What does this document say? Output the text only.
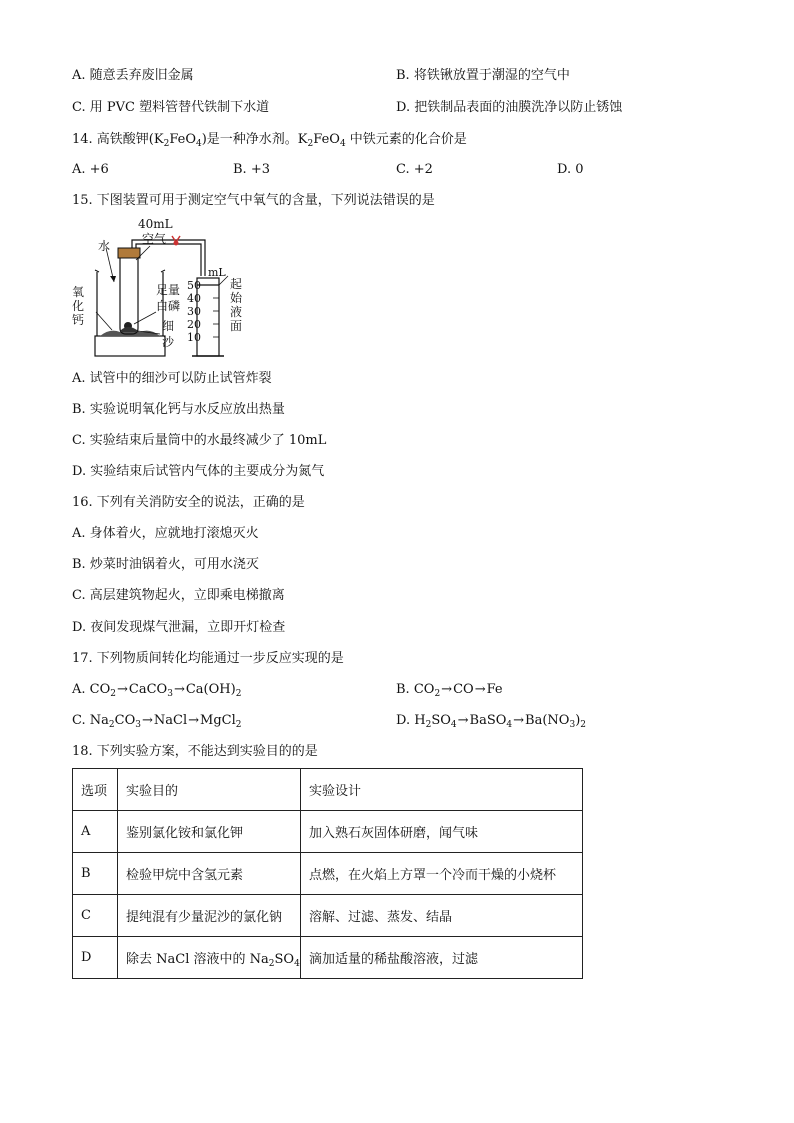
A. 随意丢弃废旧金属	B. 将铁锹放置于潮湿的空气中
C. 用 PVC 塑料管替代铁制下水道	D. 把铁制品表面的油膜洗净以防止锈蚀
14. 高铁酸钾$(K_2FeO_4)$是一种净水剂。$K_2FeO_4$ 中铁元素的化合价是
A. +6	B. +3	C. +2	D. 0
15. 下图装置可用于测定空气中氧气的含量，下列说法错误的是
40mL
空气
水
氧
化
钙
mL
50
40
30
20
10
足量
白磷
细
沙
起
始
液
面
A. 试管中的细沙可以防止试管炸裂
B. 实验说明氧化钙与水反应放出热量
C. 实验结束后量筒中的水最终减少了 10mL
D. 实验结束后试管内气体的主要成分为氮气
16. 下列有关消防安全的说法，正确的是
A. 身体着火，应就地打滚熄灭火
B. 炒菜时油锅着火，可用水浇灭
C. 高层建筑物起火，立即乘电梯撤离
D. 夜间发现煤气泄漏，立即开灯检查
17. 下列物质间转化均能通过一步反应实现的是
A. $CO_2\to CaCO_3\to Ca(OH)_2$	B. $CO_2\to CO\to Fe$
C. $Na_2CO_3\to NaCl\to MgCl_2$	D. $H_2SO_4\to BaSO_4\to Ba(NO_3)_2$
18. 下列实验方案，不能达到实验目的的是
选项	实验目的	实验设计
A	鉴别氯化铵和氯化钾	加入熟石灰固体研磨，闻气味
B	检验甲烷中含氢元素	点燃，在火焰上方罩一个冷而干燥的小烧杯
C	提纯混有少量泥沙的氯化钠	溶解、过滤、蒸发、结晶
D	除去 NaCl 溶液中的 $Na_2SO_4$	滴加适量的稀盐酸溶液，过滤
